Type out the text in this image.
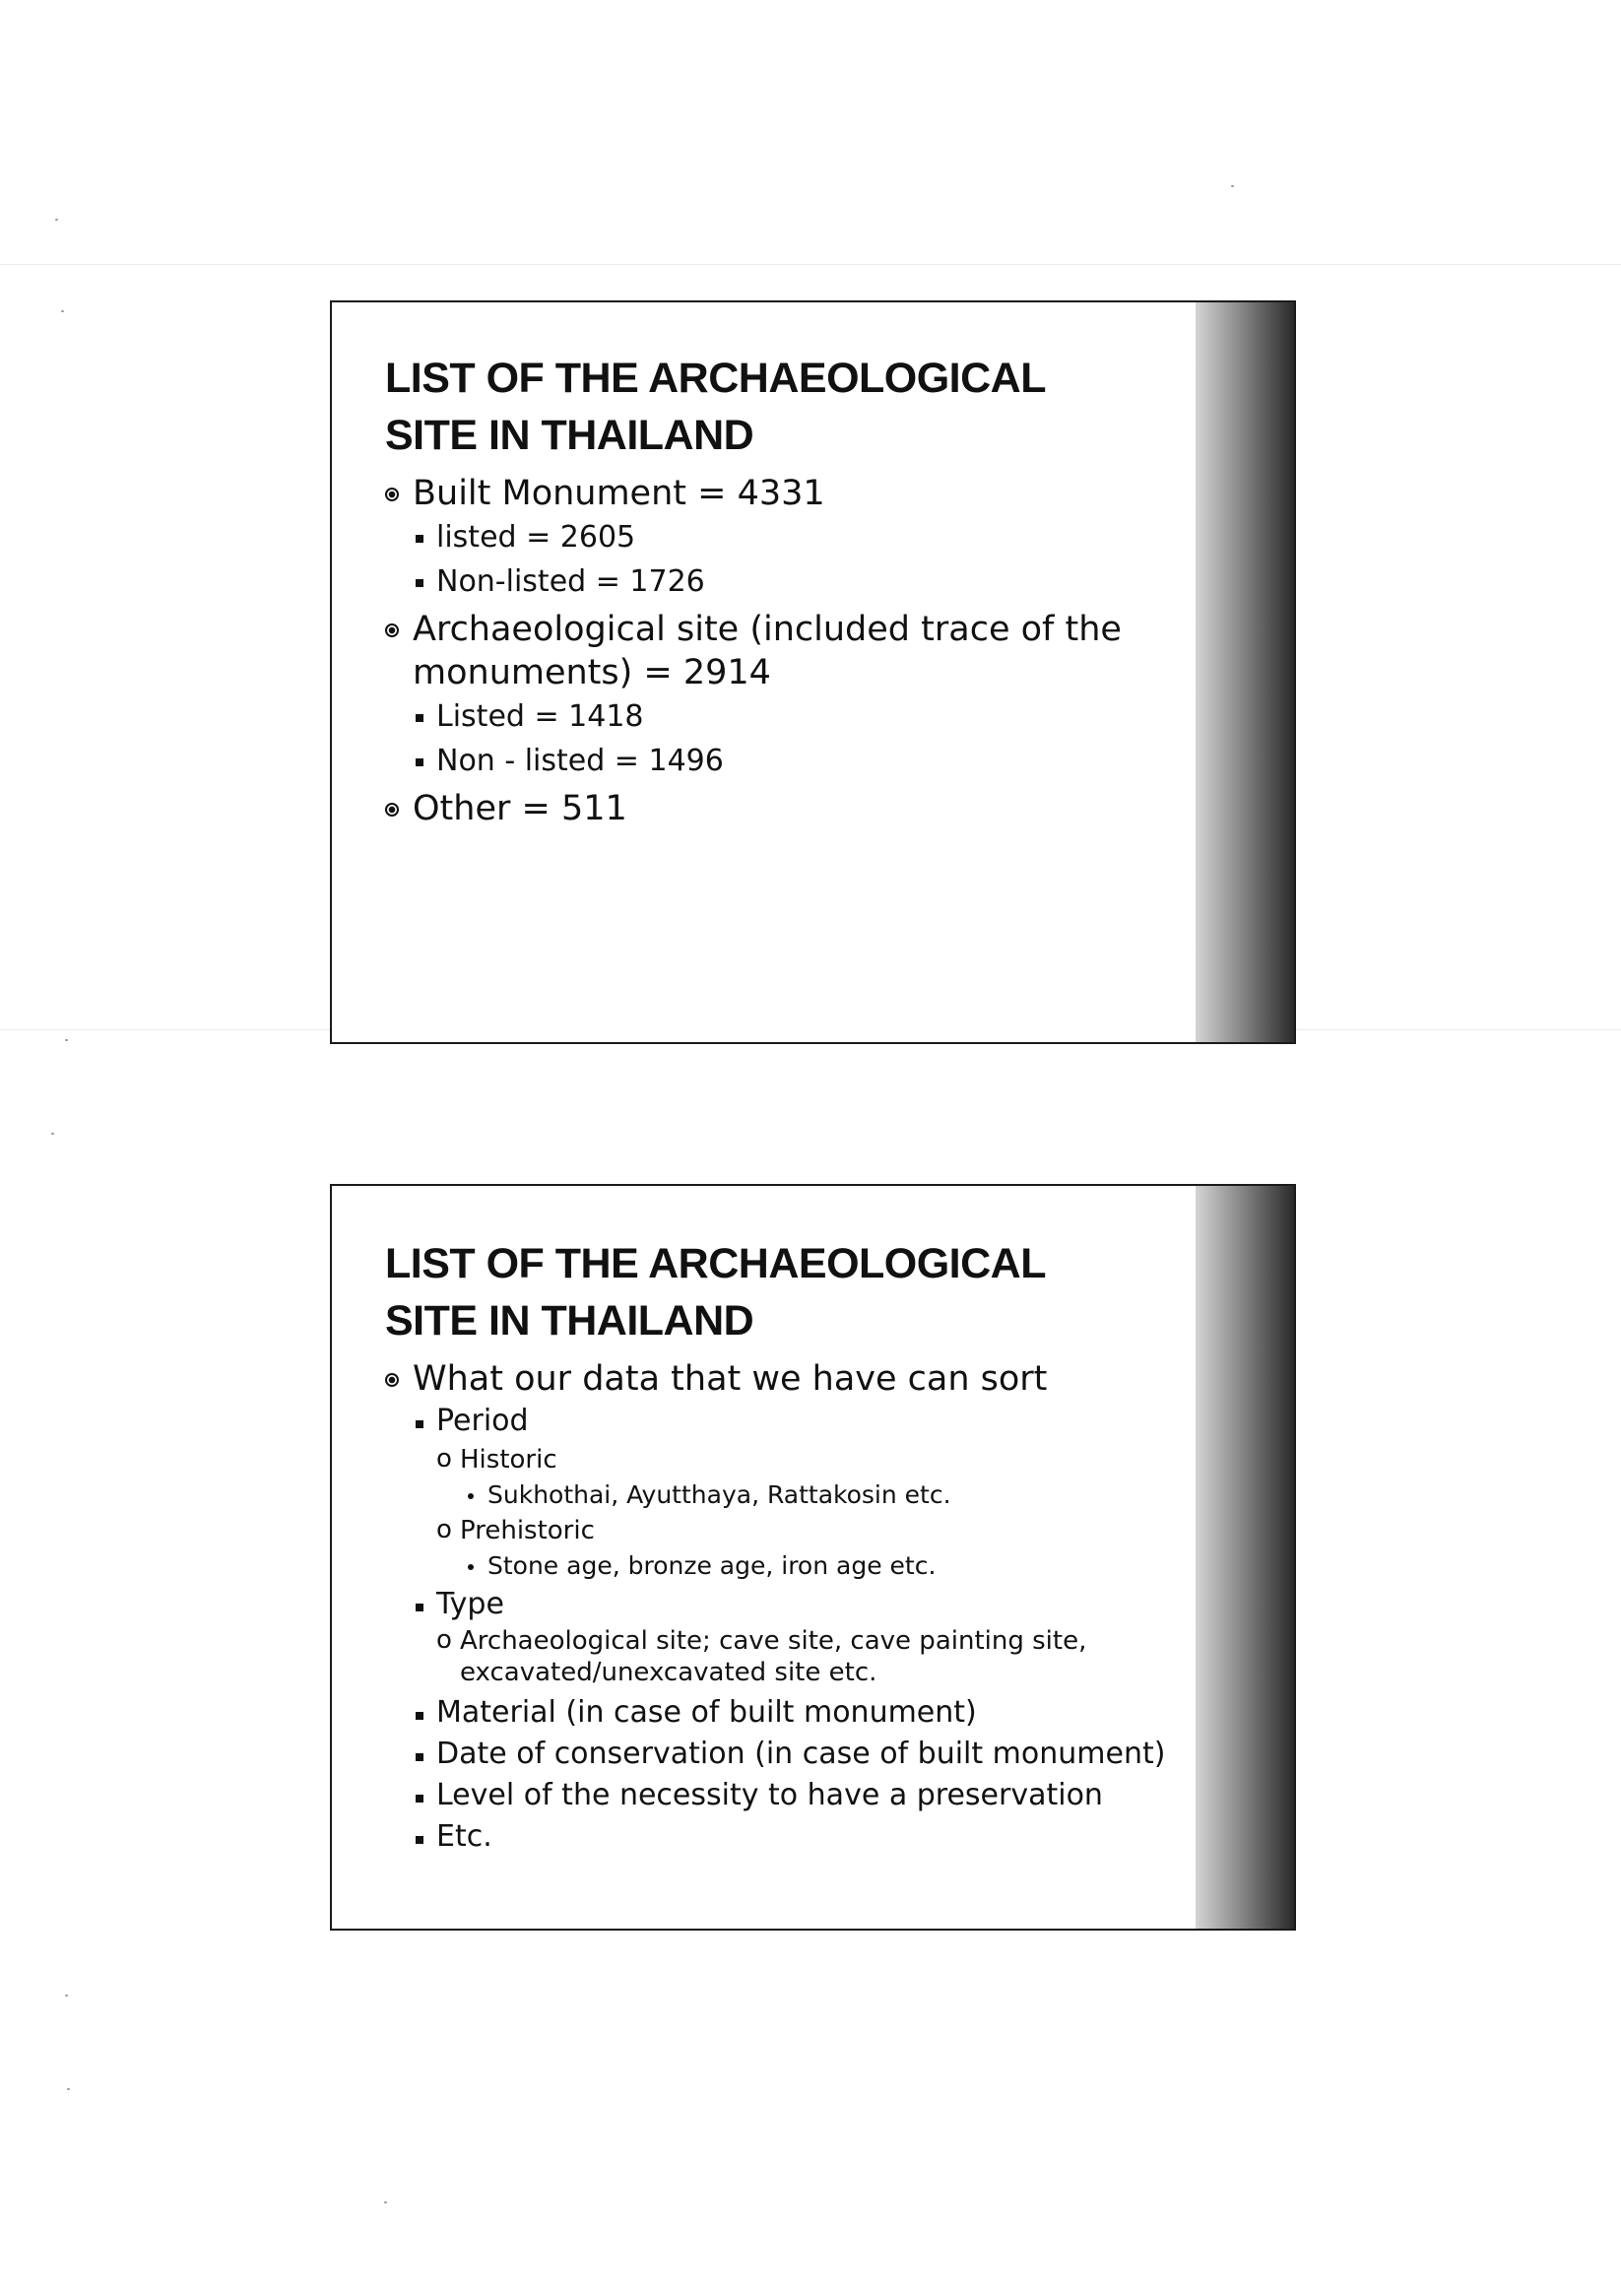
LIST OF THE ARCHAEOLOGICAL
SITE IN THAILAND
Built Monument = 4331
listed = 2605
Non-listed = 1726
Archaeological site (included trace of the monuments) = 2914
Listed = 1418
Non - listed = 1496
Other = 511
LIST OF THE ARCHAEOLOGICAL
SITE IN THAILAND
What our data that we have can sort
Period
o Historic
Sukhothai, Ayutthaya, Rattakosin etc.
o Prehistoric
Stone age, bronze age, iron age etc.
Type
o Archaeological site; cave site, cave painting site, excavated/unexcavated site etc.
Material (in case of built monument)
Date of conservation (in case of built monument)
Level of the necessity to have a preservation
Etc.
